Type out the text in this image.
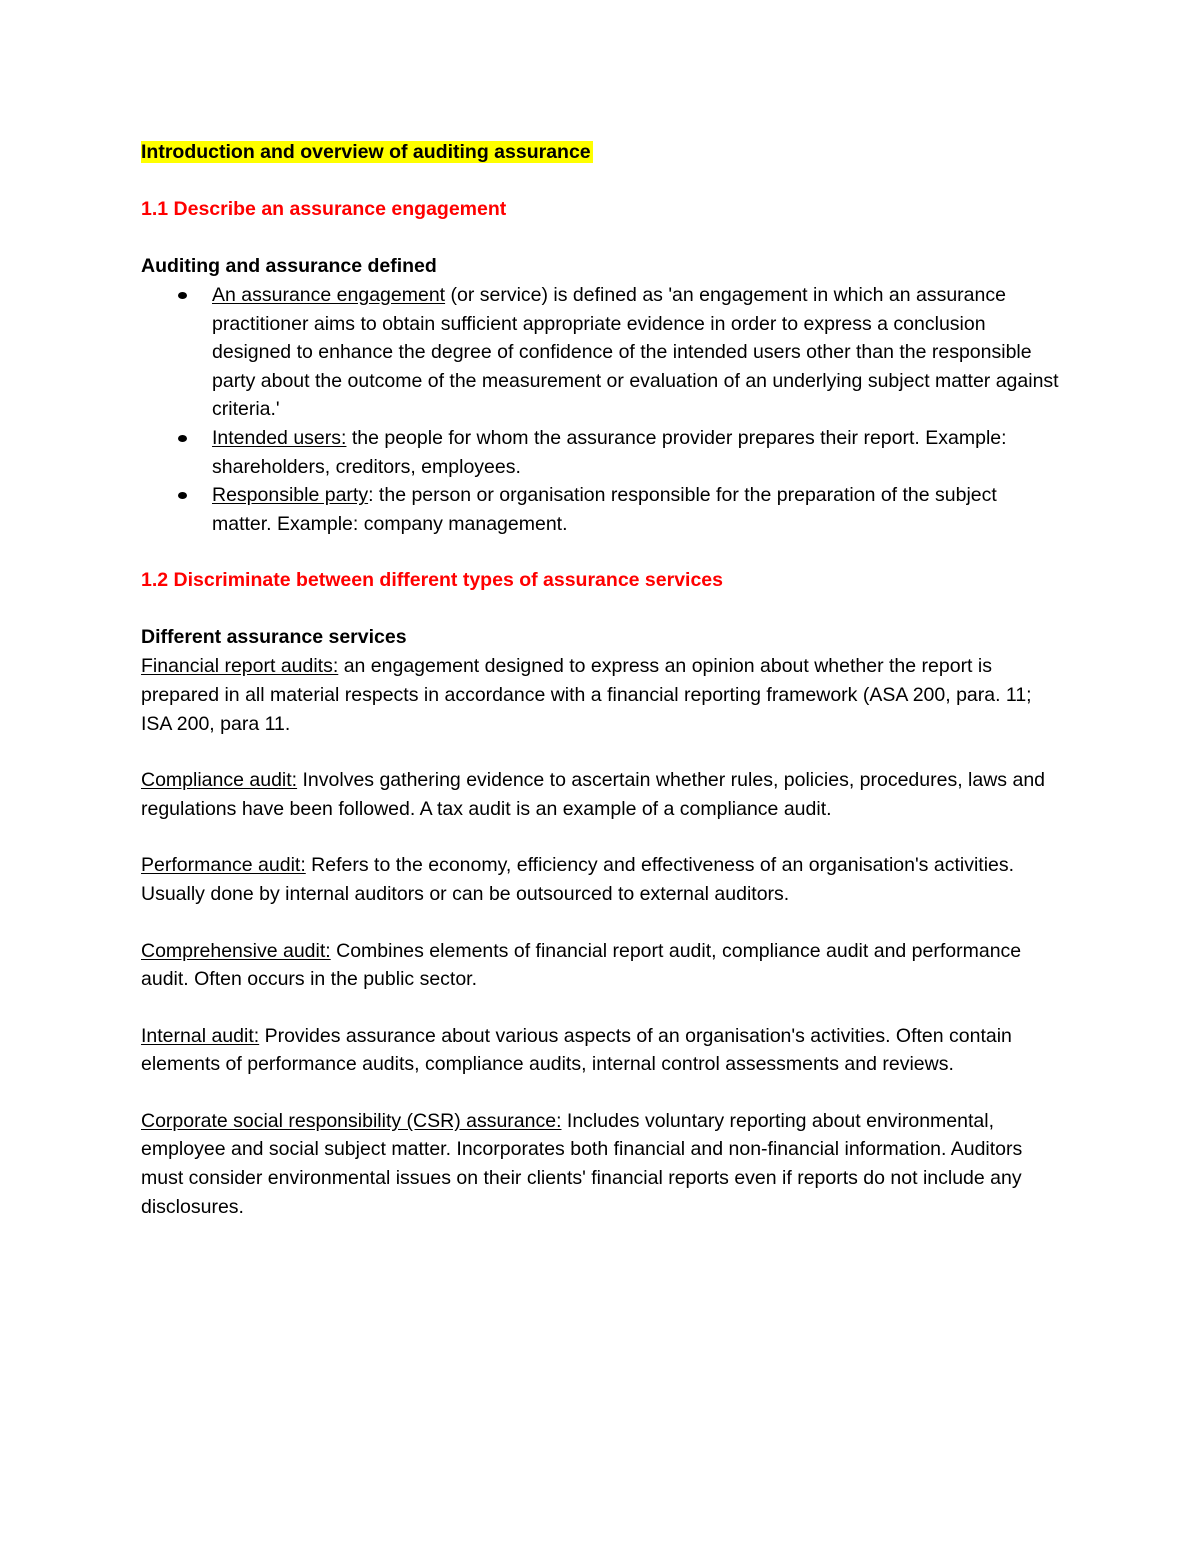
Introduction and overview of auditing assurance

1.1 Describe an assurance engagement

Auditing and assurance defined

An assurance engagement (or service) is defined as 'an engagement in which an assurance practitioner aims to obtain sufficient appropriate evidence in order to express a conclusion designed to enhance the degree of confidence of the intended users other than the responsible party about the outcome of the measurement or evaluation of an underlying subject matter against criteria.'
Intended users: the people for whom the assurance provider prepares their report. Example: shareholders, creditors, employees.
Responsible party: the person or organisation responsible for the preparation of the subject matter. Example: company management.

1.2 Discriminate between different types of assurance services

Different assurance services

Financial report audits: an engagement designed to express an opinion about whether the report is prepared in all material respects in accordance with a financial reporting framework (ASA 200, para. 11; ISA 200, para 11.

Compliance audit: Involves gathering evidence to ascertain whether rules, policies, procedures, laws and regulations have been followed. A tax audit is an example of a compliance audit.

Performance audit: Refers to the economy, efficiency and effectiveness of an organisation's activities. Usually done by internal auditors or can be outsourced to external auditors.

Comprehensive audit: Combines elements of financial report audit, compliance audit and performance audit. Often occurs in the public sector.

Internal audit: Provides assurance about various aspects of an organisation's activities. Often contain elements of performance audits, compliance audits, internal control assessments and reviews.

Corporate social responsibility (CSR) assurance: Includes voluntary reporting about environmental, employee and social subject matter. Incorporates both financial and non-financial information. Auditors must consider environmental issues on their clients' financial reports even if reports do not include any disclosures.
